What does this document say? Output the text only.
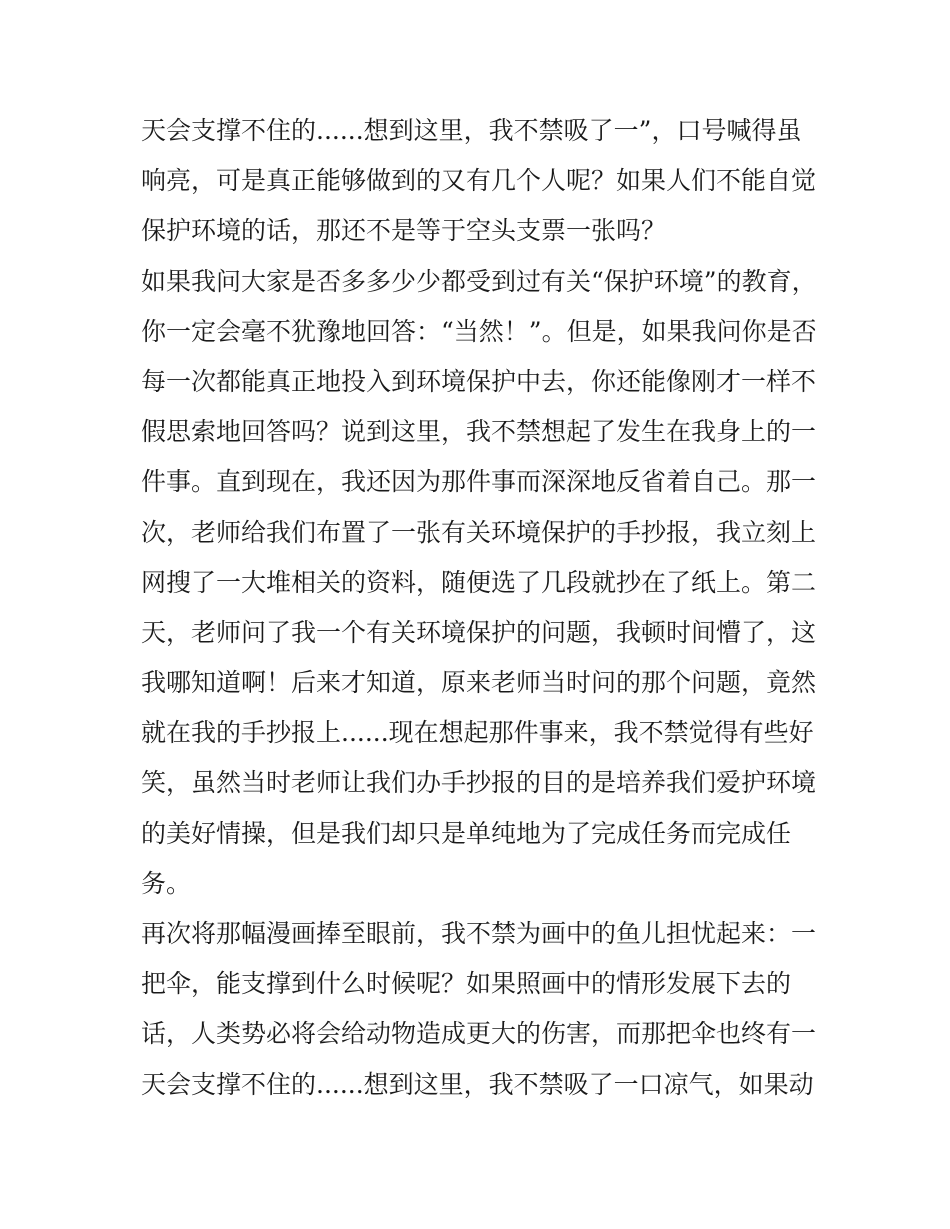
天会支撑不住的......想到这里，我不禁吸了一”，口号喊得虽
响亮，可是真正能够做到的又有几个人呢？如果人们不能自觉
保护环境的话，那还不是等于空头支票一张吗？
如果我问大家是否多多少少都受到过有关“保护环境”的教育，
你一定会毫不犹豫地回答：“当然！”。但是，如果我问你是否
每一次都能真正地投入到环境保护中去，你还能像刚才一样不
假思索地回答吗？说到这里，我不禁想起了发生在我身上的一
件事。直到现在，我还因为那件事而深深地反省着自己。那一
次，老师给我们布置了一张有关环境保护的手抄报，我立刻上
网搜了一大堆相关的资料，随便选了几段就抄在了纸上。第二
天，老师问了我一个有关环境保护的问题，我顿时间懵了，这
我哪知道啊！后来才知道，原来老师当时问的那个问题，竟然
就在我的手抄报上......现在想起那件事来，我不禁觉得有些好
笑，虽然当时老师让我们办手抄报的目的是培养我们爱护环境
的美好情操，但是我们却只是单纯地为了完成任务而完成任
务。
再次将那幅漫画捧至眼前，我不禁为画中的鱼儿担忧起来：一
把伞，能支撑到什么时候呢？如果照画中的情形发展下去的
话，人类势必将会给动物造成更大的伤害，而那把伞也终有一
天会支撑不住的......想到这里，我不禁吸了一口凉气，如果动
